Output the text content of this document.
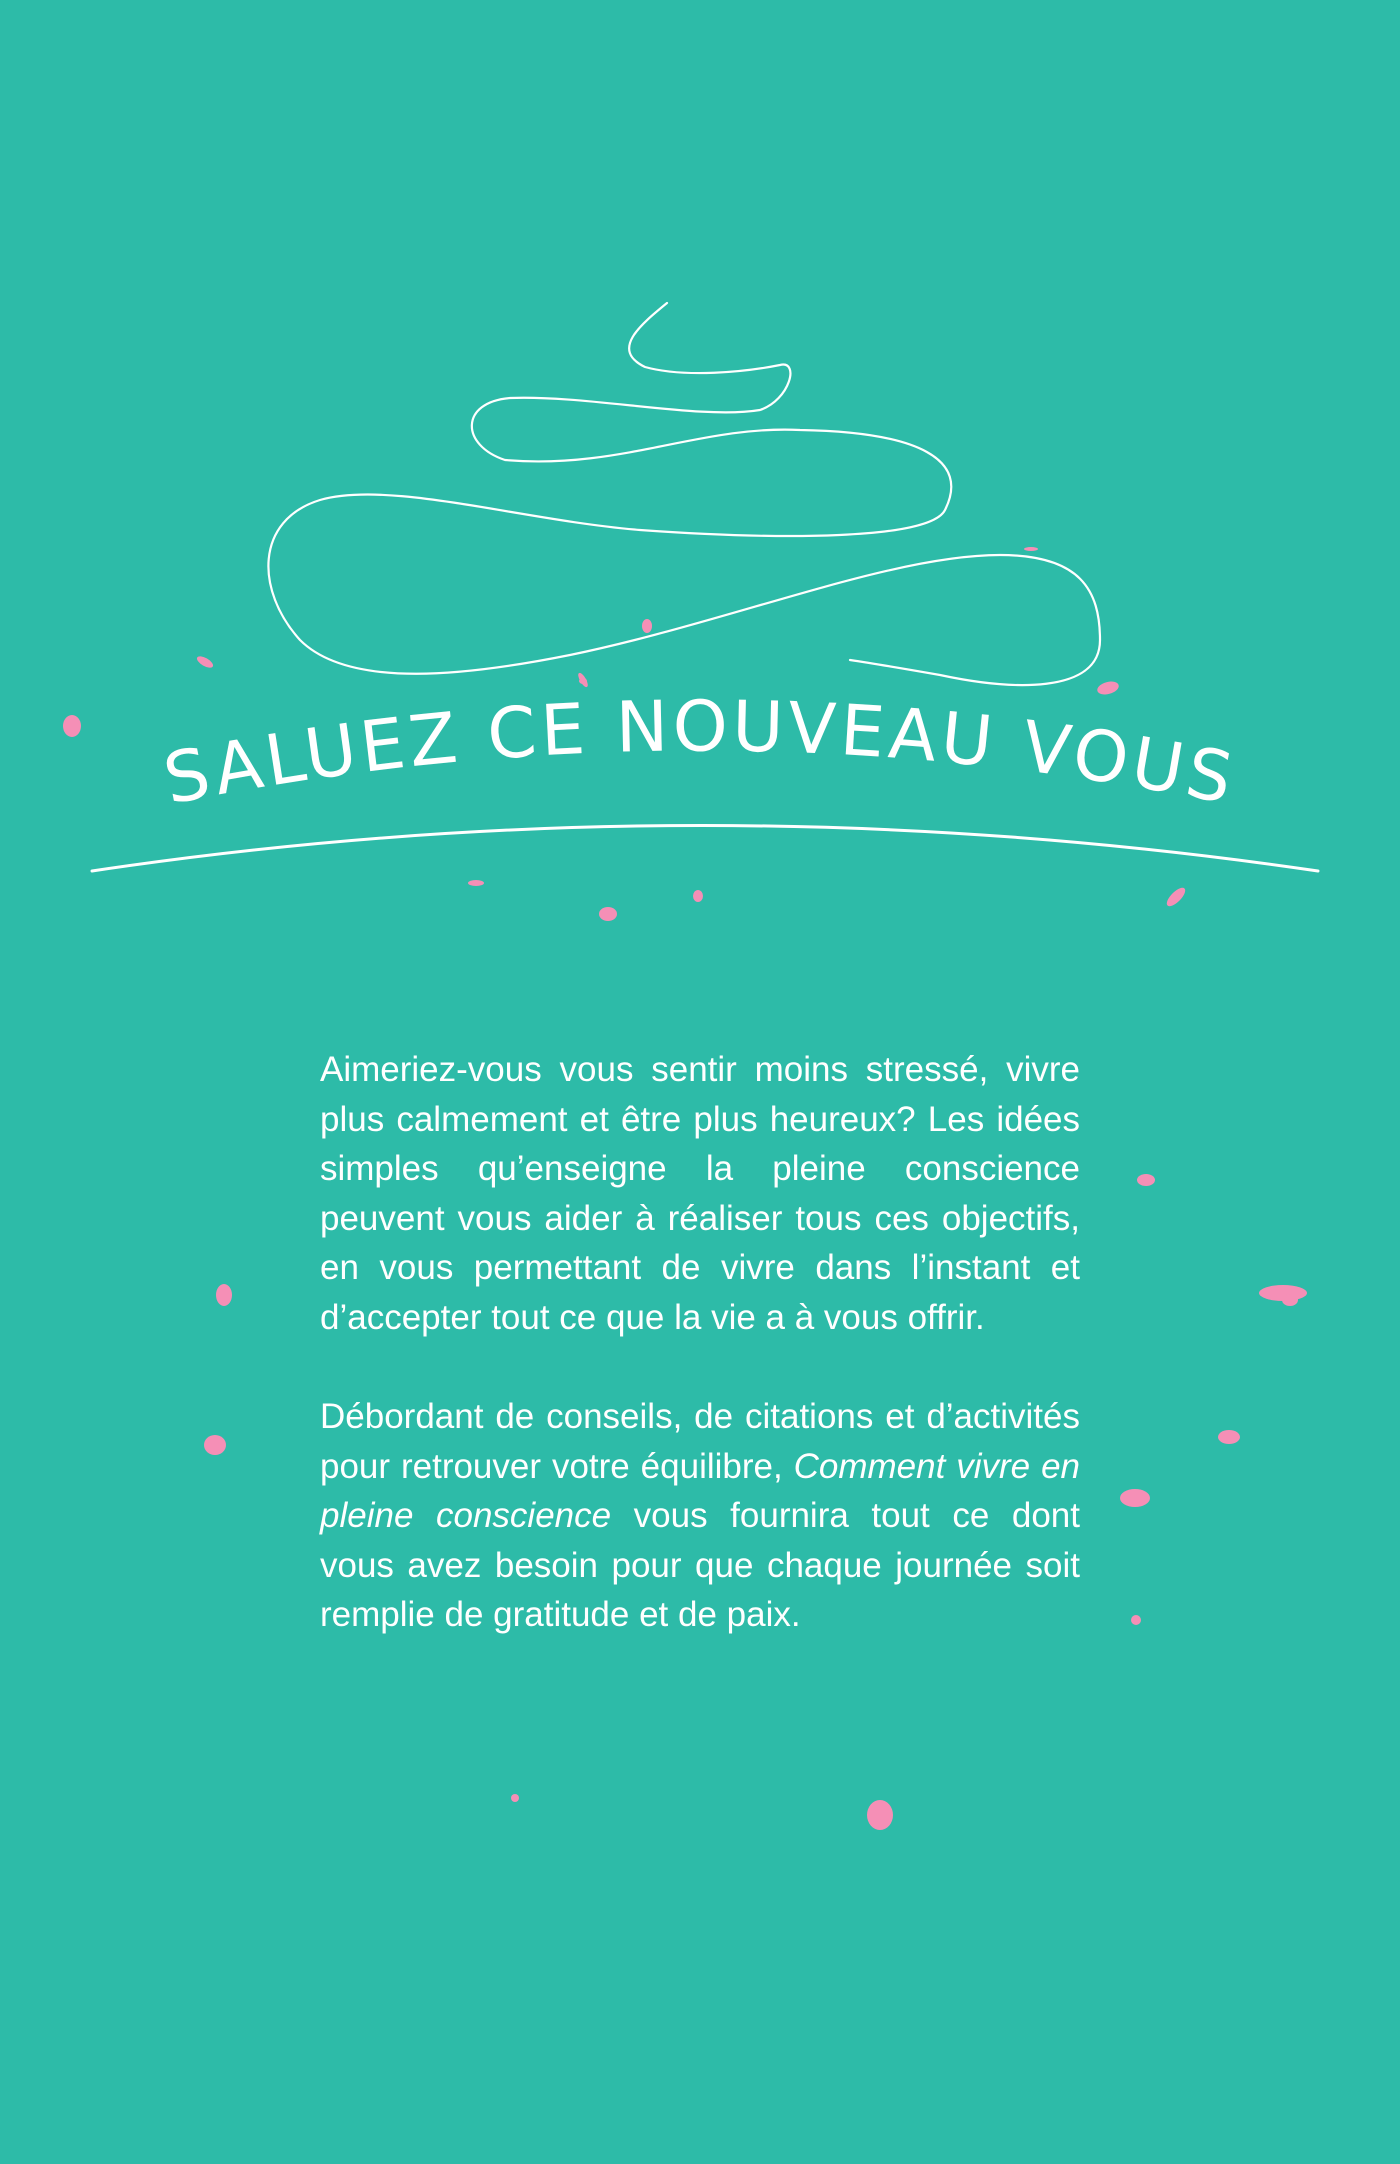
SALUEZ CE NOUVEAU VOUS

Aimeriez-vous vous sentir moins stressé, vivre plus calmement et être plus heureux? Les idées simples qu’enseigne la pleine conscience peuvent vous aider à réaliser tous ces objectifs, en vous permettant de vivre dans l’instant et d’accepter tout ce que la vie a à vous offrir.

Débordant de conseils, de citations et d’activités pour retrouver votre équilibre, Comment vivre en pleine conscience vous fournira tout ce dont vous avez besoin pour que chaque journée soit remplie de gratitude et de paix.
